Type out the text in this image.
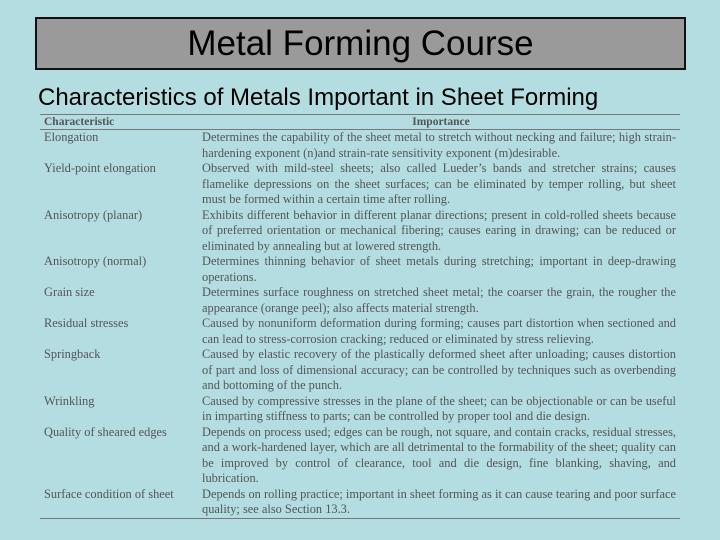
Metal Forming Course
Characteristics of Metals Important in Sheet Forming
Characteristic	Importance
Elongation	Determines the capability of the sheet metal to stretch without necking and failure; high strain-hardening exponent (n)and strain-rate sensitivity exponent (m)desirable.
Yield-point elongation	Observed with mild-steel sheets; also called Lueder’s bands and stretcher strains; causes flamelike depressions on the sheet surfaces; can be eliminated by temper rolling, but sheet must be formed within a certain time after rolling.
Anisotropy (planar)	Exhibits different behavior in different planar directions; present in cold-rolled sheets because of preferred orientation or mechanical fibering; causes earing in drawing; can be reduced or eliminated by annealing but at lowered strength.
Anisotropy (normal)	Determines thinning behavior of sheet metals during stretching; important in deep-drawing operations.
Grain size	Determines surface roughness on stretched sheet metal; the coarser the grain, the rougher the appearance (orange peel); also affects material strength.
Residual stresses	Caused by nonuniform deformation during forming; causes part distortion when sectioned and can lead to stress-corrosion cracking; reduced or eliminated by stress relieving.
Springback	Caused by elastic recovery of the plastically deformed sheet after unloading; causes distortion of part and loss of dimensional accuracy; can be controlled by techniques such as overbending and bottoming of the punch.
Wrinkling	Caused by compressive stresses in the plane of the sheet; can be objectionable or can be useful in imparting stiffness to parts; can be controlled by proper tool and die design.
Quality of sheared edges	Depends on process used; edges can be rough, not square, and contain cracks, residual stresses, and a work-hardened layer, which are all detrimental to the formability of the sheet; quality can be improved by control of clearance, tool and die design, fine blanking, shaving, and lubrication.
Surface condition of sheet	Depends on rolling practice; important in sheet forming as it can cause tearing and poor surface quality; see also Section 13.3.
